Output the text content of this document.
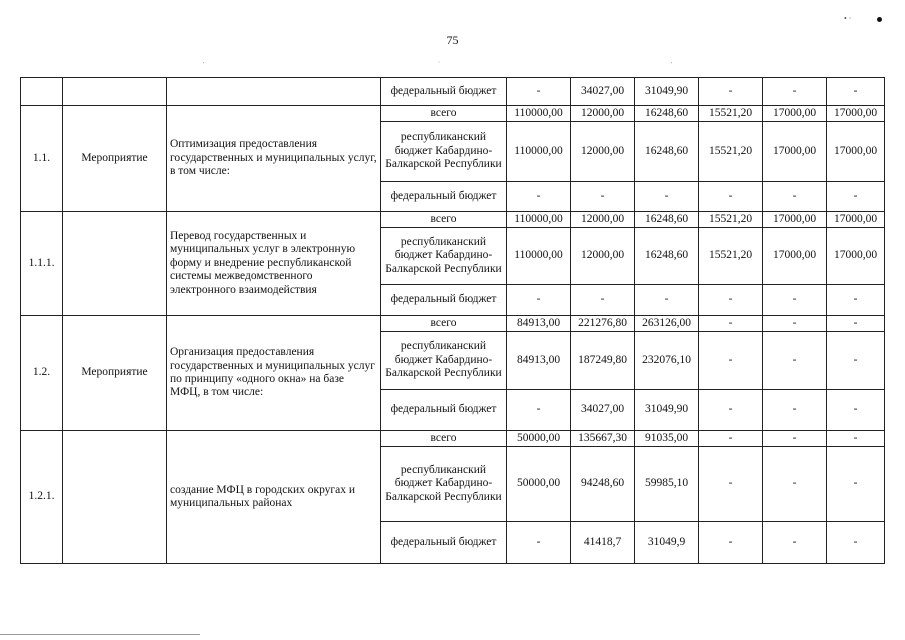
75
• ·
'	`	'
			федеральный бюджет	-	34027,00	31049,90	-	-	-
1.1.	Мероприятие	Оптимизация предоставления государственных и муниципальных услуг, в том числе:	всего	110000,00	12000,00	16248,60	15521,20	17000,00	17000,00
			республиканский бюджет Кабардино-Балкарской Республики	110000,00	12000,00	16248,60	15521,20	17000,00	17000,00
			федеральный бюджет	-	-	-	-	-	-
1.1.1.		Перевод государственных и муниципальных услуг в электронную форму и внедрение республиканской системы межведомственного электронного взаимодействия	всего	110000,00	12000,00	16248,60	15521,20	17000,00	17000,00
			республиканский бюджет Кабардино-Балкарской Республики	110000,00	12000,00	16248,60	15521,20	17000,00	17000,00
			федеральный бюджет	-	-	-	-	-	-
1.2.	Мероприятие	Организация предоставления государственных и муниципальных услуг по принципу «одного окна» на базе МФЦ, в том числе:	всего	84913,00	221276,80	263126,00	-	-	-
			республиканский бюджет Кабардино-Балкарской Республики	84913,00	187249,80	232076,10	-	-	-
			федеральный бюджет	-	34027,00	31049,90	-	-	-
1.2.1.		создание МФЦ в городских округах и муниципальных районах	всего	50000,00	135667,30	91035,00	-	-	-
			республиканский бюджет Кабардино-Балкарской Республики	50000,00	94248,60	59985,10	-	-	-
			федеральный бюджет	-	41418,7	31049,9	-	-	-
